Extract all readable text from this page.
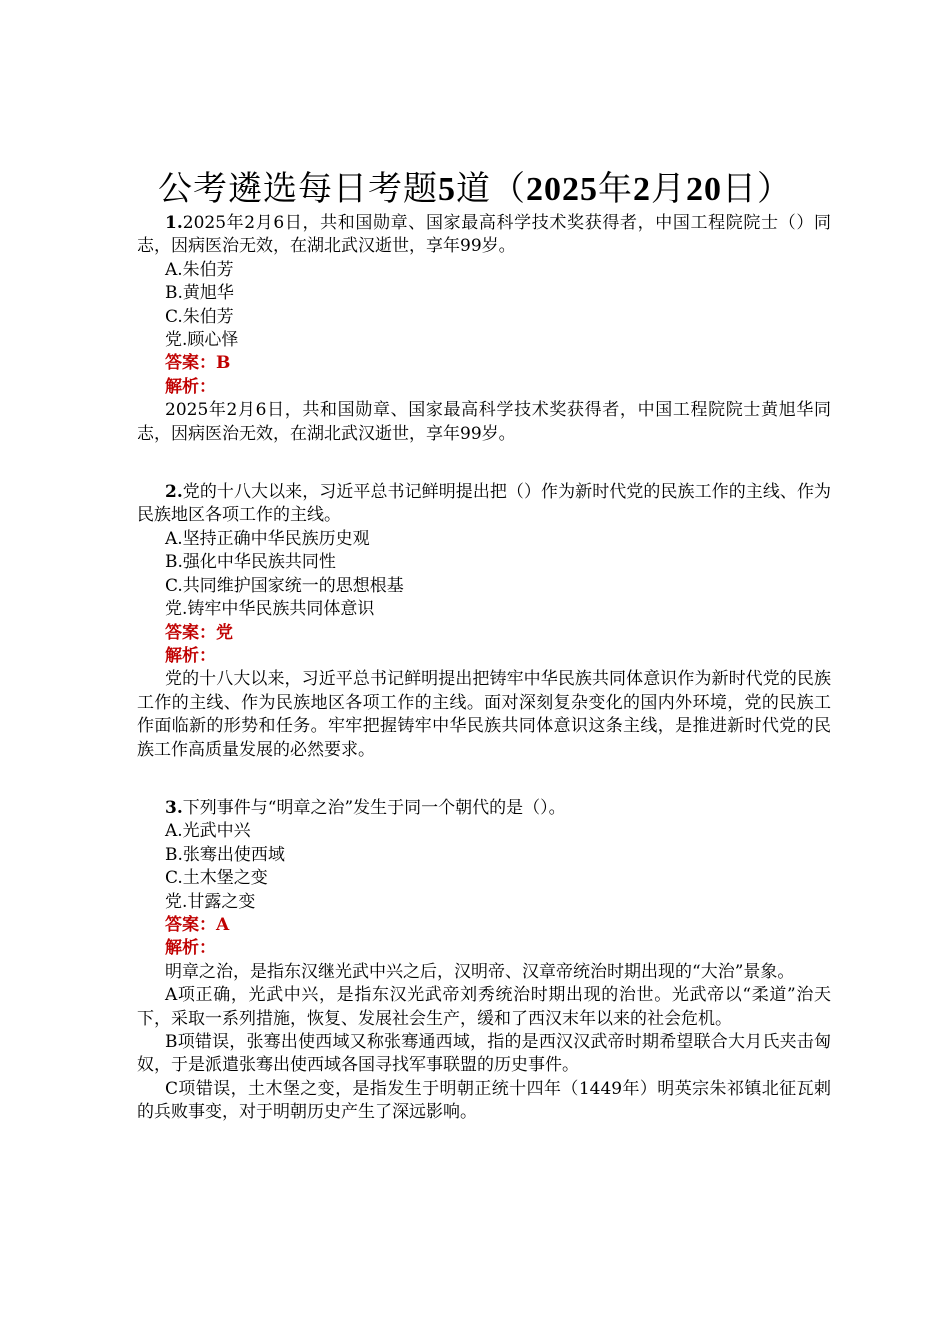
公考遴选每日考题5道（2025年2月20日）

1.2025年2月6日，共和国勋章、国家最高科学技术奖获得者，中国工程院院士（）同志，因病医治无效，在湖北武汉逝世，享年99岁。

A.朱伯芳

B.黄旭华

C.朱伯芳

党.顾心怿

答案：B

解析：

2025年2月6日，共和国勋章、国家最高科学技术奖获得者，中国工程院院士黄旭华同志，因病医治无效，在湖北武汉逝世，享年99岁。

2.党的十八大以来，习近平总书记鲜明提出把（）作为新时代党的民族工作的主线、作为民族地区各项工作的主线。

A.坚持正确中华民族历史观

B.强化中华民族共同性

C.共同维护国家统一的思想根基

党.铸牢中华民族共同体意识

答案：党

解析：

党的十八大以来，习近平总书记鲜明提出把铸牢中华民族共同体意识作为新时代党的民族工作的主线、作为民族地区各项工作的主线。面对深刻复杂变化的国内外环境，党的民族工作面临新的形势和任务。牢牢把握铸牢中华民族共同体意识这条主线，是推进新时代党的民族工作高质量发展的必然要求。

3.下列事件与“明章之治”发生于同一个朝代的是（）。

A.光武中兴

B.张骞出使西域

C.土木堡之变

党.甘露之变

答案：A

解析：

明章之治，是指东汉继光武中兴之后，汉明帝、汉章帝统治时期出现的“大治”景象。

A项正确，光武中兴，是指东汉光武帝刘秀统治时期出现的治世。光武帝以“柔道”治天下，采取一系列措施，恢复、发展社会生产，缓和了西汉末年以来的社会危机。

B项错误，张骞出使西域又称张骞通西域，指的是西汉汉武帝时期希望联合大月氏夹击匈奴，于是派遣张骞出使西域各国寻找军事联盟的历史事件。

C项错误，土木堡之变，是指发生于明朝正统十四年（1449年）明英宗朱祁镇北征瓦剌的兵败事变，对于明朝历史产生了深远影响。
